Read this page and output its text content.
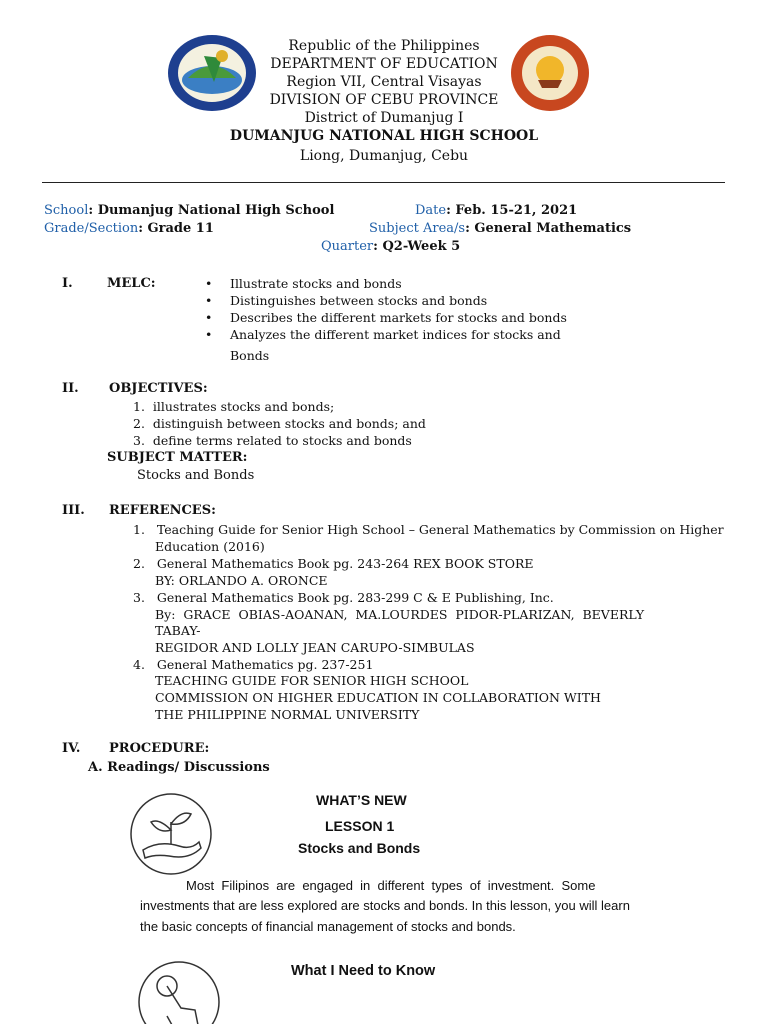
Republic of the Philippines
DEPARTMENT OF EDUCATION
Region VII, Central Visayas
DIVISION OF CEBU PROVINCE
District of Dumanjug I
DUMANJUG NATIONAL HIGH SCHOOL
Liong, Dumanjug, Cebu
School: Dumanjug National High School	Date: Feb. 15-21, 2021
Grade/Section: Grade 11	Subject Area/s: General Mathematics
Quarter: Q2-Week 5
I.	MELC:
•	Illustrate stocks and bonds
• Distinguishes between stocks and bonds
• Describes the different markets for stocks and bonds
• Analyzes the different market indices for stocks and
Bonds
II. OBJECTIVES:
1.  illustrates stocks and bonds;
2.  distinguish between stocks and bonds; and
3.  define terms related to stocks and bonds
SUBJECT MATTER:
Stocks and Bonds
III. REFERENCES:
1.   Teaching Guide for Senior High School – General Mathematics by Commission on Higher
Education (2016)
2.   General Mathematics Book pg. 243-264 REX BOOK STORE
BY: ORLANDO A. ORONCE
3.   General Mathematics Book pg. 283-299 C & E Publishing, Inc.
By:  GRACE  OBIAS-AOANAN,  MA.LOURDES  PIDOR-PLARIZAN,  BEVERLY
TABAY-
REGIDOR AND LOLLY JEAN CARUPO-SIMBULAS
4.   General Mathematics pg. 237-251
TEACHING GUIDE FOR SENIOR HIGH SCHOOL
COMMISSION ON HIGHER EDUCATION IN COLLABORATION WITH
THE PHILIPPINE NORMAL UNIVERSITY
IV. PROCEDURE:
A. Readings/ Discussions
WHAT’S NEW
LESSON 1
Stocks and Bonds
Most  Filipinos  are  engaged  in  different  types  of  investment.  Some
investments that are less explored are stocks and bonds. In this lesson, you will learn
the basic concepts of financial management of stocks and bonds.
What I Need to Know
